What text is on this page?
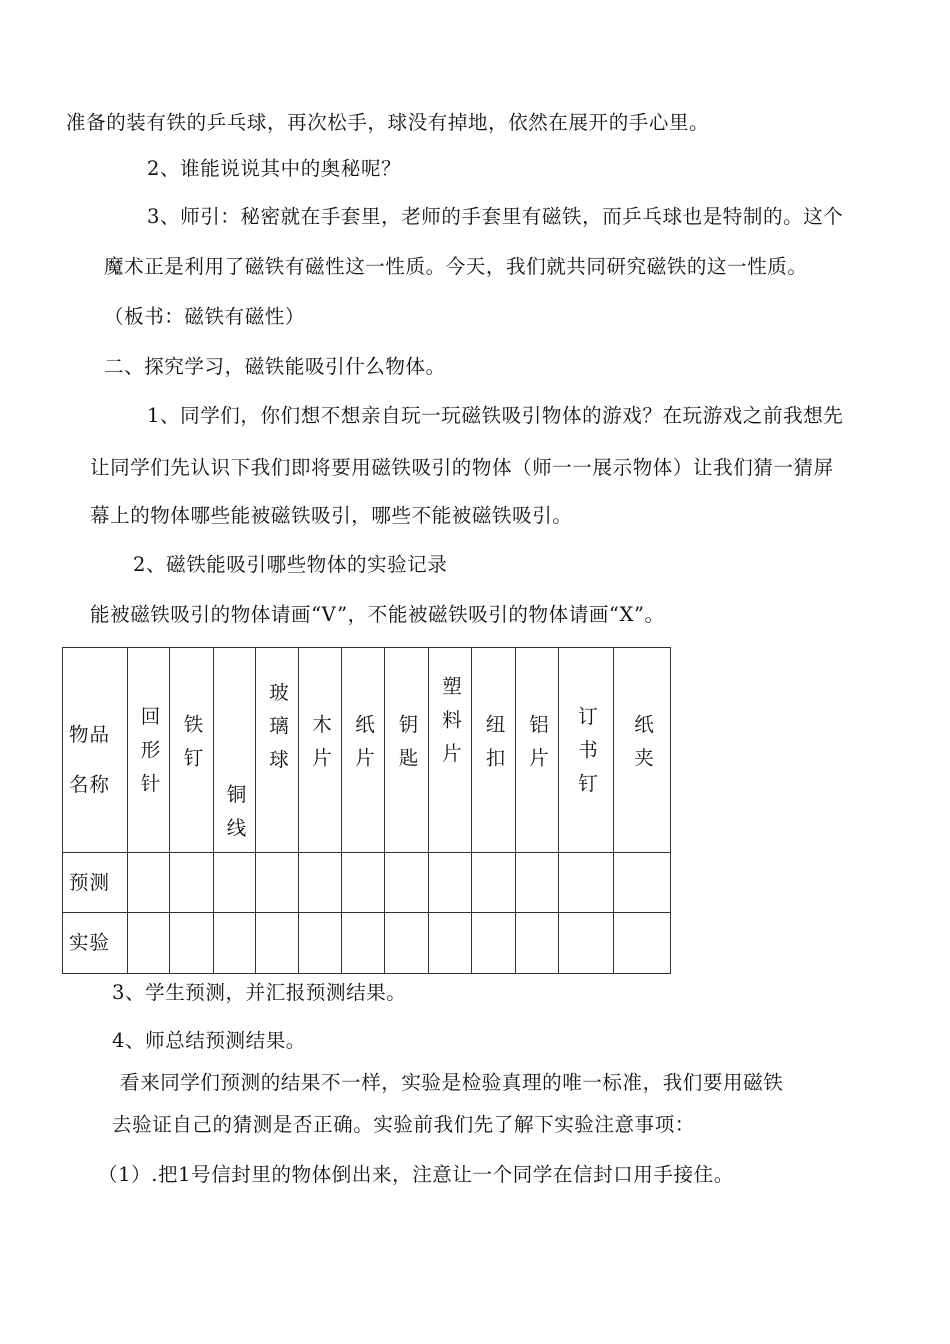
准备的装有铁的乒乓球，再次松手，球没有掉地，依然在展开的手心里。
2、谁能说说其中的奥秘呢？
3、师引：秘密就在手套里，老师的手套里有磁铁，而乒乓球也是特制的。这个
魔术正是利用了磁铁有磁性这一性质。今天，我们就共同研究磁铁的这一性质。
（板书：磁铁有磁性）
二、探究学习，磁铁能吸引什么物体。
1、同学们，你们想不想亲自玩一玩磁铁吸引物体的游戏？在玩游戏之前我想先
让同学们先认识下我们即将要用磁铁吸引的物体（师一一展示物体）让我们猜一猜屏
幕上的物体哪些能被磁铁吸引，哪些不能被磁铁吸引。
2、磁铁能吸引哪些物体的实验记录
能被磁铁吸引的物体请画“V”，不能被磁铁吸引的物体请画“X”。
物品名称	回形针	铁钉	铜线	玻璃球	木片	纸片	钥匙	塑料片	纽扣	铝片	订书钉	纸夹

预测												

实验												

3、学生预测，并汇报预测结果。
4、师总结预测结果。
看来同学们预测的结果不一样，实验是检验真理的唯一标准，我们要用磁铁
去验证自己的猜测是否正确。实验前我们先了解下实验注意事项：
（1）.把1号信封里的物体倒出来，注意让一个同学在信封口用手接住。
